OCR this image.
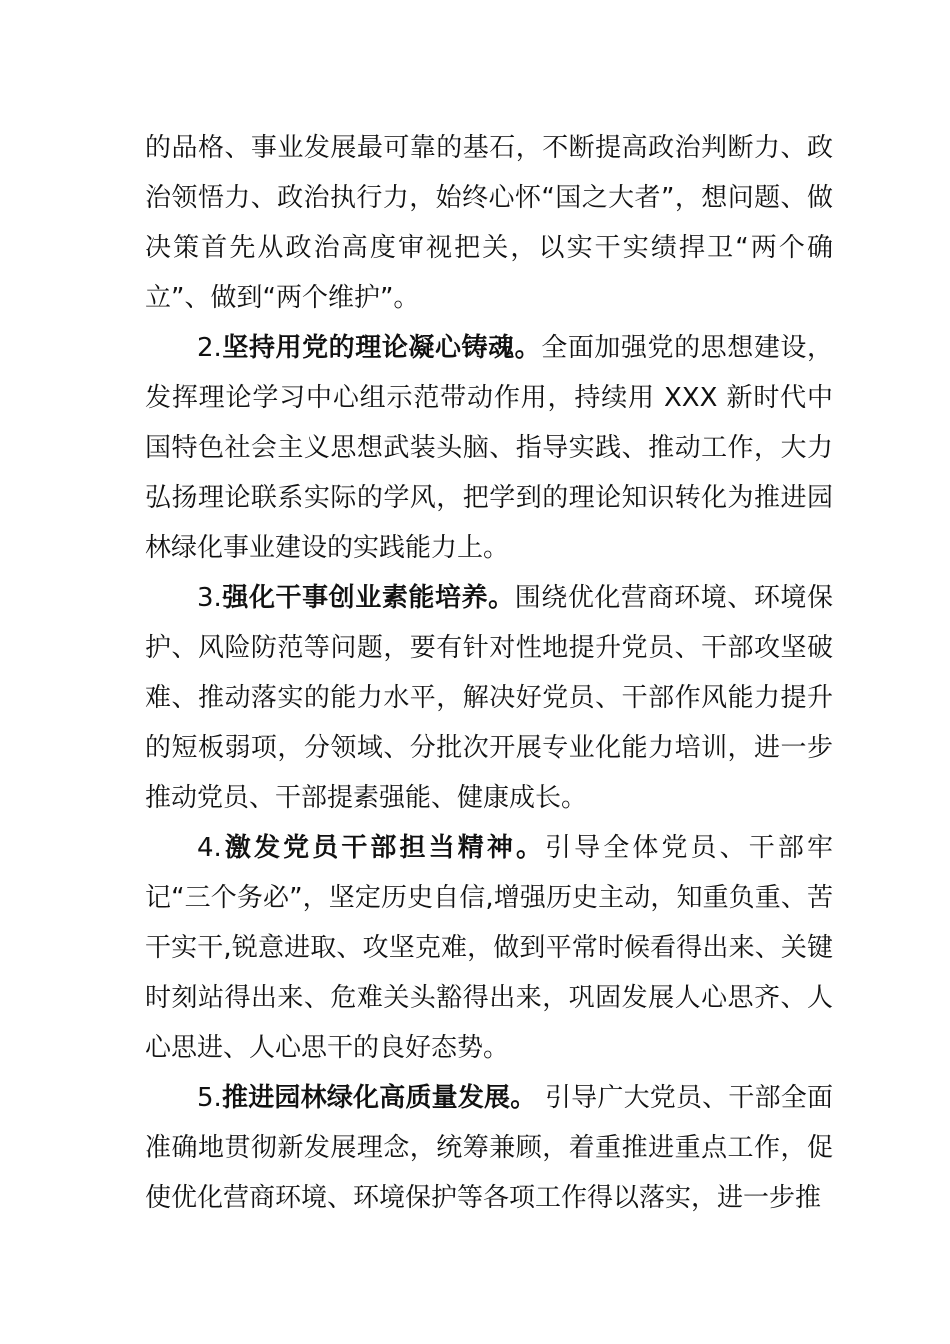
的品格、事业发展最可靠的基石，不断提高政治判断力、政治领悟力、政治执行力，始终心怀“国之大者”，想问题、做决策首先从政治高度审视把关，以实干实绩捍卫“两个确立”、做到“两个维护”。

2.坚持用党的理论凝心铸魂。全面加强党的思想建设，发挥理论学习中心组示范带动作用，持续用 XXX 新时代中国特色社会主义思想武装头脑、指导实践、推动工作，大力弘扬理论联系实际的学风，把学到的理论知识转化为推进园林绿化事业建设的实践能力上。

3.强化干事创业素能培养。围绕优化营商环境、环境保护、风险防范等问题，要有针对性地提升党员、干部攻坚破难、推动落实的能力水平，解决好党员、干部作风能力提升的短板弱项，分领域、分批次开展专业化能力培训，进一步推动党员、干部提素强能、健康成长。

4.激发党员干部担当精神。引导全体党员、干部牢记“三个务必”，坚定历史自信,增强历史主动，知重负重、苦干实干,锐意进取、攻坚克难，做到平常时候看得出来、关键时刻站得出来、危难关头豁得出来，巩固发展人心思齐、人心思进、人心思干的良好态势。

5.推进园林绿化高质量发展。 引导广大党员、干部全面准确地贯彻新发展理念，统筹兼顾，着重推进重点工作，促使优化营商环境、环境保护等各项工作得以落实，进一步推
